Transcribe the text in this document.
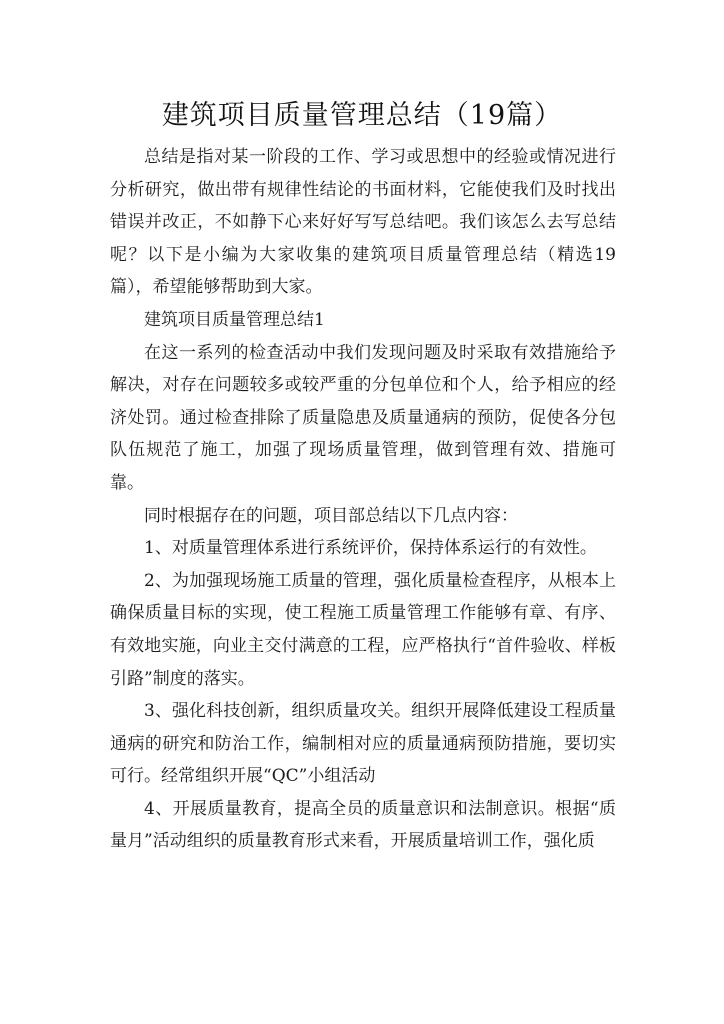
建筑项目质量管理总结（19篇）

总结是指对某一阶段的工作、学习或思想中的经验或情况进行分析研究，做出带有规律性结论的书面材料，它能使我们及时找出错误并改正，不如静下心来好好写写总结吧。我们该怎么去写总结呢？以下是小编为大家收集的建筑项目质量管理总结（精选19篇），希望能够帮助到大家。

建筑项目质量管理总结1

在这一系列的检查活动中我们发现问题及时采取有效措施给予解决，对存在问题较多或较严重的分包单位和个人，给予相应的经济处罚。通过检查排除了质量隐患及质量通病的预防，促使各分包队伍规范了施工，加强了现场质量管理，做到管理有效、措施可靠。

同时根据存在的问题，项目部总结以下几点内容：

1、对质量管理体系进行系统评价，保持体系运行的有效性。

2、为加强现场施工质量的管理，强化质量检查程序，从根本上确保质量目标的实现，使工程施工质量管理工作能够有章、有序、有效地实施，向业主交付满意的工程，应严格执行“首件验收、样板引路”制度的落实。

3、强化科技创新，组织质量攻关。组织开展降低建设工程质量通病的研究和防治工作，编制相对应的质量通病预防措施，要切实可行。经常组织开展“QC”小组活动

4、开展质量教育，提高全员的质量意识和法制意识。根据“质量月”活动组织的质量教育形式来看，开展质量培训工作，强化质
